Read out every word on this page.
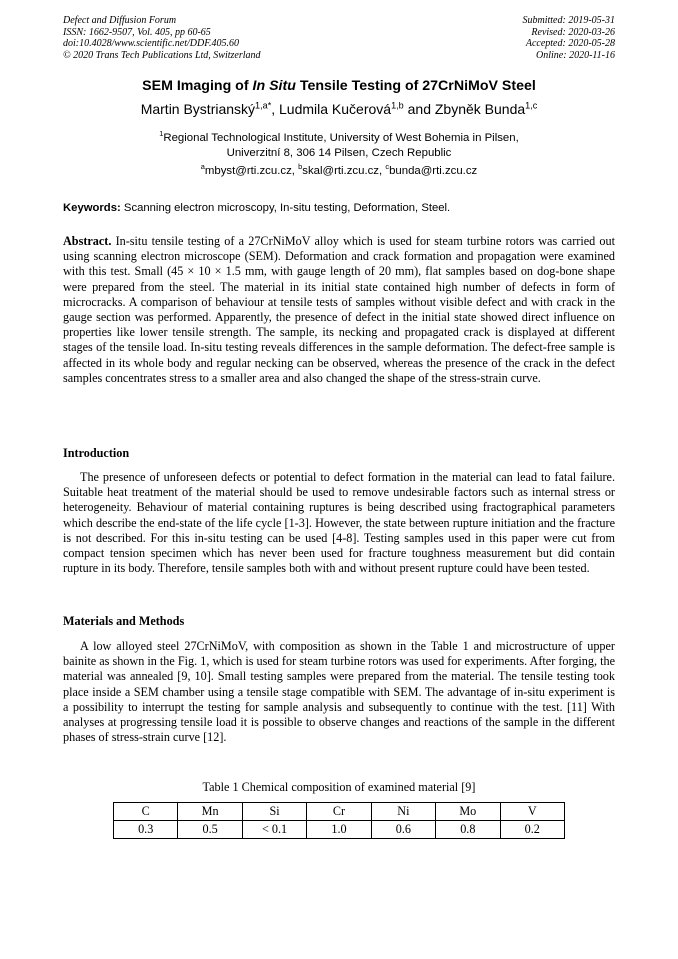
Defect and Diffusion Forum
ISSN: 1662-9507, Vol. 405, pp 60-65
doi:10.4028/www.scientific.net/DDF.405.60
© 2020 Trans Tech Publications Ltd, Switzerland
Submitted: 2019-05-31
Revised: 2020-03-26
Accepted: 2020-05-28
Online: 2020-11-16
SEM Imaging of In Situ Tensile Testing of 27CrNiMoV Steel
Martin Bystrianský$^{1,a*}$, Ludmila Kučerová$^{1,b}$ and Zbyněk Bunda$^{1,c}$
$^1$Regional Technological Institute, University of West Bohemia in Pilsen,
Univerzitní 8, 306 14 Pilsen, Czech Republic
$^a$mbyst@rti.zcu.cz, $^b$skal@rti.zcu.cz, $^c$bunda@rti.zcu.cz
Keywords: Scanning electron microscopy, In-situ testing, Deformation, Steel.
Abstract. In-situ tensile testing of a 27CrNiMoV alloy which is used for steam turbine rotors was carried out using scanning electron microscope (SEM). Deformation and crack formation and propagation were examined with this test. Small (45 × 10 × 1.5 mm, with gauge length of 20 mm), flat samples based on dog-bone shape were prepared from the steel. The material in its initial state contained high number of defects in form of microcracks. A comparison of behaviour at tensile tests of samples without visible defect and with crack in the gauge section was performed. Apparently, the presence of defect in the initial state showed direct influence on properties like lower tensile strength. The sample, its necking and propagated crack is displayed at different stages of the tensile load. In-situ testing reveals differences in the sample deformation. The defect-free sample is affected in its whole body and regular necking can be observed, whereas the presence of the crack in the defect samples concentrates stress to a smaller area and also changed the shape of the stress-strain curve.
Introduction
The presence of unforeseen defects or potential to defect formation in the material can lead to fatal failure. Suitable heat treatment of the material should be used to remove undesirable factors such as internal stress or heterogeneity. Behaviour of material containing ruptures is being described using fractographical parameters which describe the end-state of the life cycle [1-3]. However, the state between rupture initiation and the fracture is not described. For this in-situ testing can be used [4-8]. Testing samples used in this paper were cut from compact tension specimen which has never been used for fracture toughness measurement but did contain rupture in its body. Therefore, tensile samples both with and without present rupture could have been tested.
Materials and Methods
A low alloyed steel 27CrNiMoV, with composition as shown in the Table 1 and microstructure of upper bainite as shown in the Fig. 1, which is used for steam turbine rotors was used for experiments. After forging, the material was annealed [9, 10]. Small testing samples were prepared from the material. The tensile testing took place inside a SEM chamber using a tensile stage compatible with SEM. The advantage of in-situ experiment is a possibility to interrupt the testing for sample analysis and subsequently to continue with the test. [11] With analyses at progressing tensile load it is possible to observe changes and reactions of the sample in the different phases of stress-strain curve [12].
Table 1 Chemical composition of examined material [9]
C	Mn	Si	Cr	Ni	Mo	V
0.3	0.5	< 0.1	1.0	0.6	0.8	0.2
